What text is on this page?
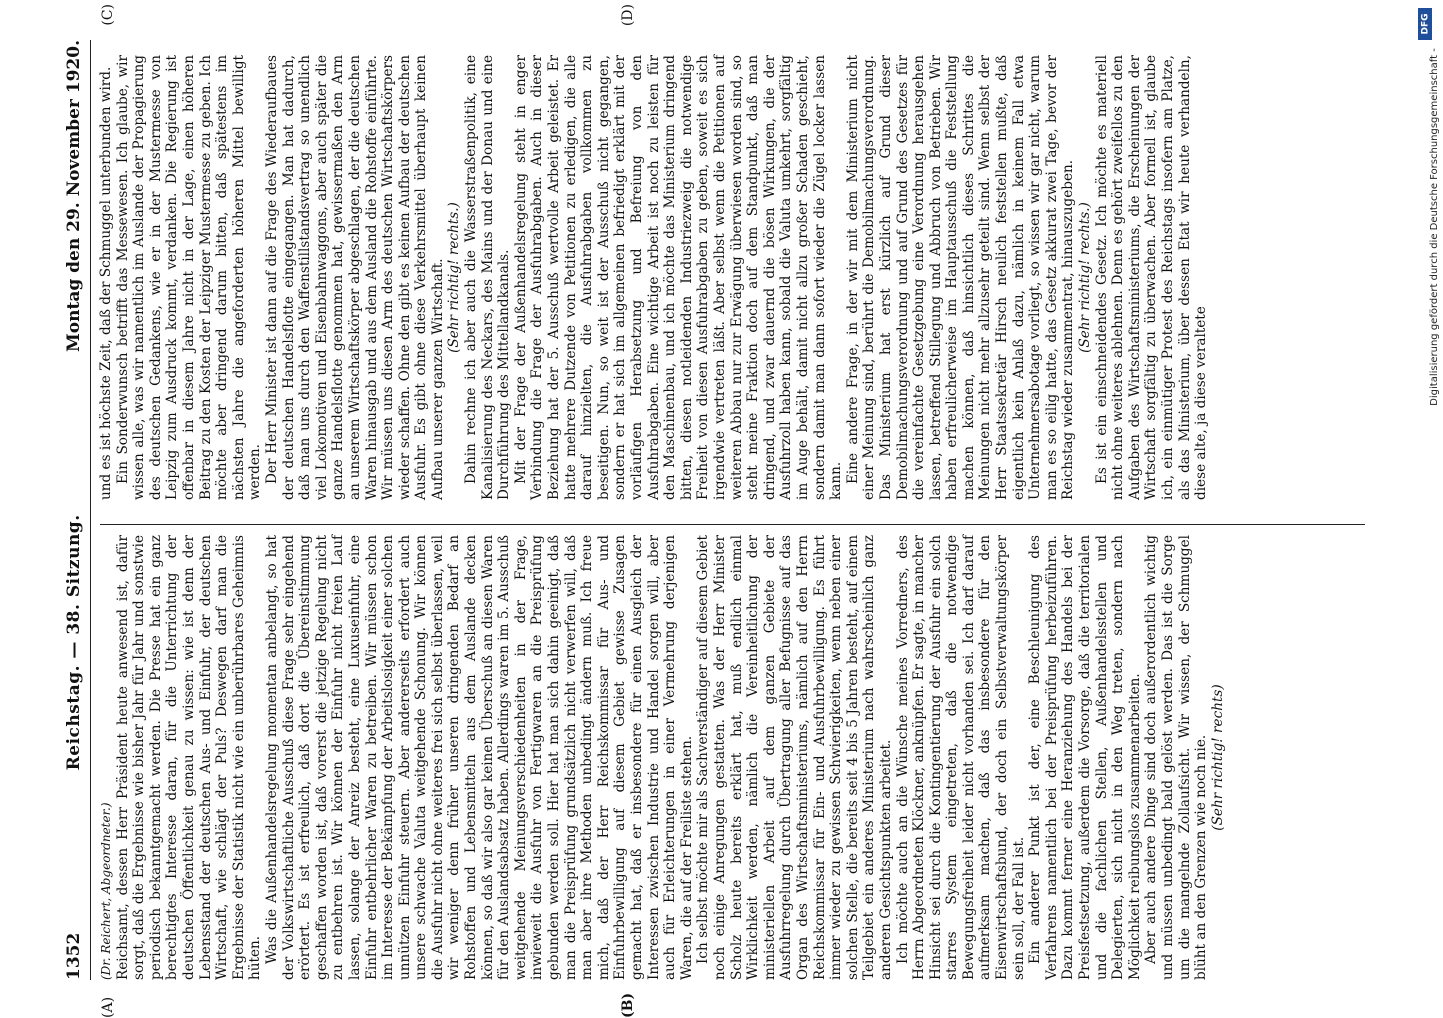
1352
Reichstag. — 38. Sitzung.
Montag den 29. November 1920.
(A)	(B)
(C)	(D)

(Dr. Reichert, Abgeordneter.) Reichsamt, dessen Herr Präsident heute anwesend ist, dafür sorgt, daß die Ergebnisse wie bisher Jahr für Jahr und sonstwie periodisch bekanntgemacht werden. Die Presse hat ein ganz berechtigtes Interesse daran, für die Unterrichtung der deutschen Öffentlichkeit genau zu wissen: wie ist denn der Lebensstand der deutschen Aus- und Einfuhr, der deutschen Wirtschaft, wie schlägt der Puls? Deswegen darf man die Ergebnisse der Statistik nicht wie ein unberührbares Geheimnis hüten. Was die Außenhandelsregelung momentan anbelangt, so hat der Volkswirtschaftliche Ausschuß diese Frage sehr eingehend erörtert. Es ist erfreulich, daß dort die Übereinstimmung geschaffen worden ist, daß vorerst die jetzige Regelung nicht zu entbehren ist. Wir können der Einfuhr nicht freien Lauf lassen, solange der Anreiz besteht, eine Luxuseinfuhr, eine Einfuhr entbehrlicher Waren zu betreiben. Wir müssen schon im Interesse der Bekämpfung der Arbeitslosigkeit einer solchen unnützen Einfuhr steuern. Aber andererseits erfordert auch unsere schwache Valuta weitgehende Schonung. Wir können die Ausfuhr nicht ohne weiteres frei sich selbst überlassen, weil wir weniger denn früher unseren dringenden Bedarf an Rohstoffen und Lebensmitteln aus dem Auslande decken können, so daß wir also gar keinen Überschuß an diesen Waren für den Auslandsabsatz haben. Allerdings waren im 5. Ausschuß weitgehende Meinungsverschiedenheiten in der Frage, inwieweit die Ausfuhr von Fertigwaren an die Preisprüfung gebunden werden soll. Hier hat man sich dahin geeinigt, daß man die Preisprüfung grundsätzlich nicht verwerfen will, daß man aber ihre Methoden unbedingt ändern muß. Ich freue mich, daß der Herr Reichskommissar für Aus- und Einfuhrbewilligung auf diesem Gebiet gewisse Zusagen gemacht hat, daß er insbesondere für einen Ausgleich der Interessen zwischen Industrie und Handel sorgen will, aber auch für Erleichterungen in einer Vermehrung derjenigen Waren, die auf der Freiliste stehen. Ich selbst möchte mir als Sachverständiger auf diesem Gebiet noch einige Anregungen gestatten. Was der Herr Minister Scholz heute bereits erklärt hat, muß endlich einmal Wirklichkeit werden, nämlich die Vereinheitlichung der ministeriellen Arbeit auf dem ganzen Gebiete der Ausfuhrregelung durch Übertragung aller Befugnisse auf das Organ des Wirtschaftsministeriums, nämlich auf den Herrn Reichskommissar für Ein- und Ausfuhrbewilligung. Es führt immer wieder zu gewissen Schwierigkeiten, wenn neben einer solchen Stelle, die bereits seit 4 bis 5 Jahren besteht, auf einem Teilgebiet ein anderes Ministerium nach wahrscheinlich ganz anderen Gesichtspunkten arbeitet. Ich möchte auch an die Wünsche meines Vorredners, des Herrn Abgeordneten Klöckner, anknüpfen. Er sagte, in mancher Hinsicht sei durch die Kontingentierung der Ausfuhr ein solch starres System eingetreten, daß die notwendige Bewegungsfreiheit leider nicht vorhanden sei. Ich darf darauf aufmerksam machen, daß das insbesondere für den Eisenwirtschaftsbund, der doch ein Selbstverwaltungskörper sein soll, der Fall ist. Ein anderer Punkt ist der, eine Beschleunigung des Verfahrens namentlich bei der Preisprüfung herbeizuführen. Dazu kommt ferner eine Heranziehung des Handels bei der Preisfestsetzung, außerdem die Vorsorge, daß die territorialen und die fachlichen Stellen, Außenhandelsstellen und Delegierten, sich nicht in den Weg treten, sondern nach Möglichkeit reibungslos zusammenarbeiten. Aber auch andere Dinge sind doch außerordentlich wichtig und müssen unbedingt bald gelöst werden. Das ist die Sorge um die mangelnde Zollaufsicht. Wir wissen, der Schmuggel blüht an den Grenzen wie noch nie. (Sehr richtig! rechts)

und es ist höchste Zeit, daß der Schmuggel unterbunden wird. Ein Sonderwunsch betrifft das Messewesen. Ich glaube, wir wissen alle, was wir namentlich im Auslande der Propagierung des deutschen Gedankens, wie er in der Mustermesse von Leipzig zum Ausdruck kommt, verdanken. Die Regierung ist offenbar in diesem Jahre nicht in der Lage, einen höheren Beitrag zu den Kosten der Leipziger Mustermesse zu geben. Ich möchte aber dringend darum bitten, daß spätestens im nächsten Jahre die angeforderten höheren Mittel bewilligt werden. Der Herr Minister ist dann auf die Frage des Wiederaufbaues der deutschen Handelsflotte eingegangen. Man hat dadurch, daß man uns durch den Waffenstillstandsvertrag so unendlich viel Lokomotiven und Eisenbahnwaggons, aber auch später die ganze Handelsflotte genommen hat, gewissermaßen den Arm an unserem Wirtschaftskörper abgeschlagen, der die deutschen Waren hinausgab und aus dem Ausland die Rohstoffe einführte. Wir müssen uns diesen Arm des deutschen Wirtschaftskörpers wieder schaffen. Ohne den gibt es keinen Aufbau der deutschen Ausfuhr. Es gibt ohne diese Verkehrsmittel überhaupt keinen Aufbau unserer ganzen Wirtschaft. (Sehr richtig! rechts.) Dahin rechne ich aber auch die Wasserstraßenpolitik, eine Kanalisierung des Neckars, des Mains und der Donau und eine Durchführung des Mittellandkanals. Mit der Frage der Außenhandelsregelung steht in enger Verbindung die Frage der Ausfuhrabgaben. Auch in dieser Beziehung hat der 5. Ausschuß wertvolle Arbeit geleistet. Er hatte mehrere Dutzende von Petitionen zu erledigen, die alle darauf hinzielten, die Ausfuhrabgaben vollkommen zu beseitigen. Nun, so weit ist der Ausschuß nicht gegangen, sondern er hat sich im allgemeinen befriedigt erklärt mit der vorläufigen Herabsetzung und Befreiung von den Ausfuhrabgaben. Eine wichtige Arbeit ist noch zu leisten für den Maschinenbau, und ich möchte das Ministerium dringend bitten, diesen notleidenden Industriezweig die notwendige Freiheit von diesen Ausfuhrabgaben zu geben, soweit es sich irgendwie vertreten läßt. Aber selbst wenn die Petitionen auf weiteren Abbau nur zur Erwägung überwiesen worden sind, so steht meine Fraktion doch auf dem Standpunkt, daß man dringend, und zwar dauernd die bösen Wirkungen, die der Ausfuhrzoll haben kann, sobald die Valuta umkehrt, sorgfältig im Auge behält, damit nicht allzu großer Schaden geschieht, sondern damit man dann sofort wieder die Zügel locker lassen kann. Eine andere Frage, in der wir mit dem Ministerium nicht einer Meinung sind, berührt die Demobilmachungsverordnung. Das Ministerium hat erst kürzlich auf Grund dieser Demobilmachungsverordnung und auf Grund des Gesetzes für die vereinfachte Gesetzgebung eine Verordnung herausgehen lassen, betreffend Stillegung und Abbruch von Betrieben. Wir haben erfreulicherweise im Hauptausschuß die Feststellung machen können, daß hinsichtlich dieses Schrittes die Meinungen nicht mehr allzusehr geteilt sind. Wenn selbst der Herr Staatssekretär Hirsch neulich feststellen mußte, daß eigentlich kein Anlaß dazu, nämlich in keinem Fall etwa Unternehmersabotage vorliegt, so wissen wir gar nicht, warum man es so eilig hatte, das Gesetz akkurat zwei Tage, bevor der Reichstag wieder zusammentrat, hinauszugeben. (Sehr richtig! rechts.) Es ist ein einschneidendes Gesetz. Ich möchte es materiell nicht ohne weiteres ablehnen. Denn es gehört zweifellos zu den Aufgaben des Wirtschaftsministeriums, die Erscheinungen der Wirtschaft sorgfältig zu überwachen. Aber formell ist, glaube ich, ein einmütiger Protest des Reichstags insofern am Platze, als das Ministerium, über dessen Etat wir heute verhandeln, diese alte, ja diese veraltete

DFG
Digitalisierung gefördert durch die Deutsche Forschungsgemeinschaft -
